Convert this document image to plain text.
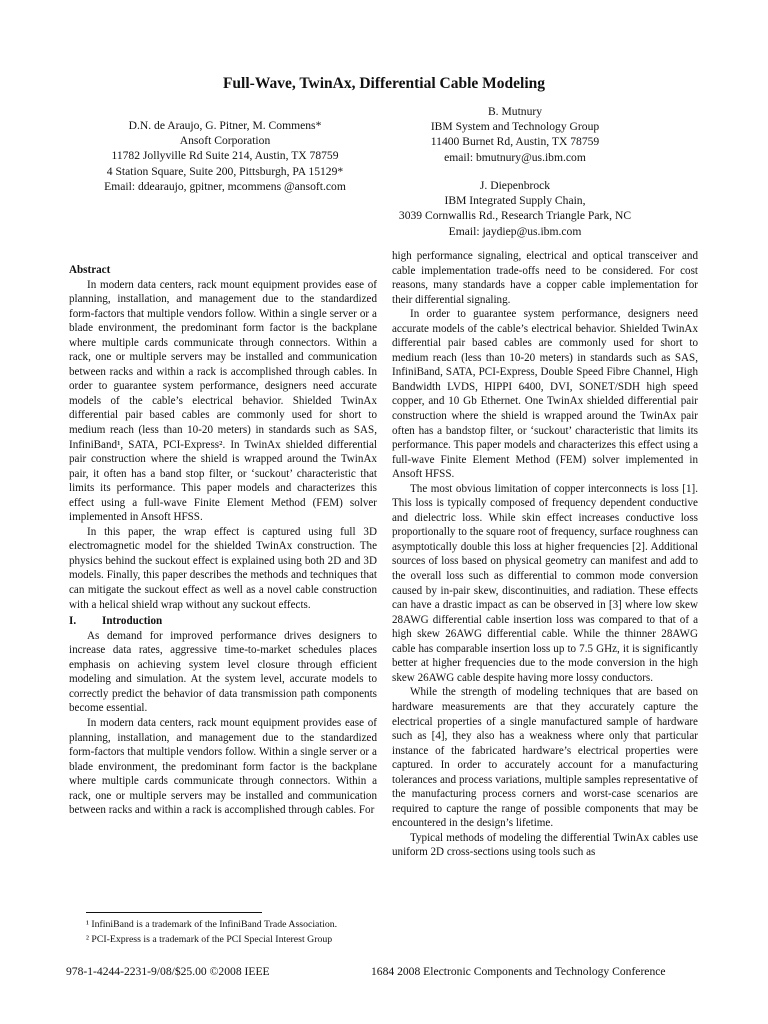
Full-Wave, TwinAx, Differential Cable Modeling
D.N. de Araujo, G. Pitner, M. Commens*
Ansoft Corporation
11782 Jollyville Rd Suite 214, Austin, TX 78759
4 Station Square, Suite 200, Pittsburgh, PA 15129*
Email: ddearaujo, gpitner, mcommens @ansoft.com
B. Mutnury
IBM System and Technology Group
11400 Burnet Rd, Austin, TX 78759
email: bmutnury@us.ibm.com
J. Diepenbrock
IBM Integrated Supply Chain,
3039 Cornwallis Rd., Research Triangle Park, NC
Email: jaydiep@us.ibm.com

Abstract

In modern data centers, rack mount equipment provides ease of planning, installation, and management due to the standardized form-factors that multiple vendors follow. Within a single server or a blade environment, the predominant form factor is the backplane where multiple cards communicate through connectors. Within a rack, one or multiple servers may be installed and communication between racks and within a rack is accomplished through cables. In order to guarantee system performance, designers need accurate models of the cable’s electrical behavior. Shielded TwinAx differential pair based cables are commonly used for short to medium reach (less than 10-20 meters) in standards such as SAS, InfiniBand¹, SATA, PCI-Express². In TwinAx shielded differential pair construction where the shield is wrapped around the TwinAx pair, it often has a band stop filter, or ‘suckout’ characteristic that limits its performance. This paper models and characterizes this effect using a full-wave Finite Element Method (FEM) solver implemented in Ansoft HFSS.

In this paper, the wrap effect is captured using full 3D electromagnetic model for the shielded TwinAx construction. The physics behind the suckout effect is explained using both 2D and 3D models. Finally, this paper describes the methods and techniques that can mitigate the suckout effect as well as a novel cable construction with a helical shield wrap without any suckout effects.

I.	Introduction

As demand for improved performance drives designers to increase data rates, aggressive time-to-market schedules places emphasis on achieving system level closure through efficient modeling and simulation. At the system level, accurate models to correctly predict the behavior of data transmission path components become essential.

In modern data centers, rack mount equipment provides ease of planning, installation, and management due to the standardized form-factors that multiple vendors follow. Within a single server or a blade environment, the predominant form factor is the backplane where multiple cards communicate through connectors. Within a rack, one or multiple servers may be installed and communication between racks and within a rack is accomplished through cables. For

high performance signaling, electrical and optical transceiver and cable implementation trade-offs need to be considered. For cost reasons, many standards have a copper cable implementation for their differential signaling.

In order to guarantee system performance, designers need accurate models of the cable’s electrical behavior. Shielded TwinAx differential pair based cables are commonly used for short to medium reach (less than 10-20 meters) in standards such as SAS, InfiniBand, SATA, PCI-Express, Double Speed Fibre Channel, High Bandwidth LVDS, HIPPI 6400, DVI, SONET/SDH high speed copper, and 10 Gb Ethernet. One TwinAx shielded differential pair construction where the shield is wrapped around the TwinAx pair often has a bandstop filter, or ‘suckout’ characteristic that limits its performance. This paper models and characterizes this effect using a full-wave Finite Element Method (FEM) solver implemented in Ansoft HFSS.

The most obvious limitation of copper interconnects is loss [1]. This loss is typically composed of frequency dependent conductive and dielectric loss. While skin effect increases conductive loss proportionally to the square root of frequency, surface roughness can asymptotically double this loss at higher frequencies [2]. Additional sources of loss based on physical geometry can manifest and add to the overall loss such as differential to common mode conversion caused by in-pair skew, discontinuities, and radiation. These effects can have a drastic impact as can be observed in [3] where low skew 28AWG differential cable insertion loss was compared to that of a high skew 26AWG differential cable. While the thinner 28AWG cable has comparable insertion loss up to 7.5 GHz, it is significantly better at higher frequencies due to the mode conversion in the high skew 26AWG cable despite having more lossy conductors.

While the strength of modeling techniques that are based on hardware measurements are that they accurately capture the electrical properties of a single manufactured sample of hardware such as [4], they also has a weakness where only that particular instance of the fabricated hardware’s electrical properties were captured. In order to accurately account for a manufacturing tolerances and process variations, multiple samples representative of the manufacturing process corners and worst-case scenarios are required to capture the range of possible components that may be encountered in the design’s lifetime.

Typical methods of modeling the differential TwinAx cables use uniform 2D cross-sections using tools such as

¹ InfiniBand is a trademark of the InfiniBand Trade Association.
² PCI-Express is a trademark of the PCI Special Interest Group
978-1-4244-2231-9/08/$25.00 ©2008 IEEE	1684 2008 Electronic Components and Technology Conference
